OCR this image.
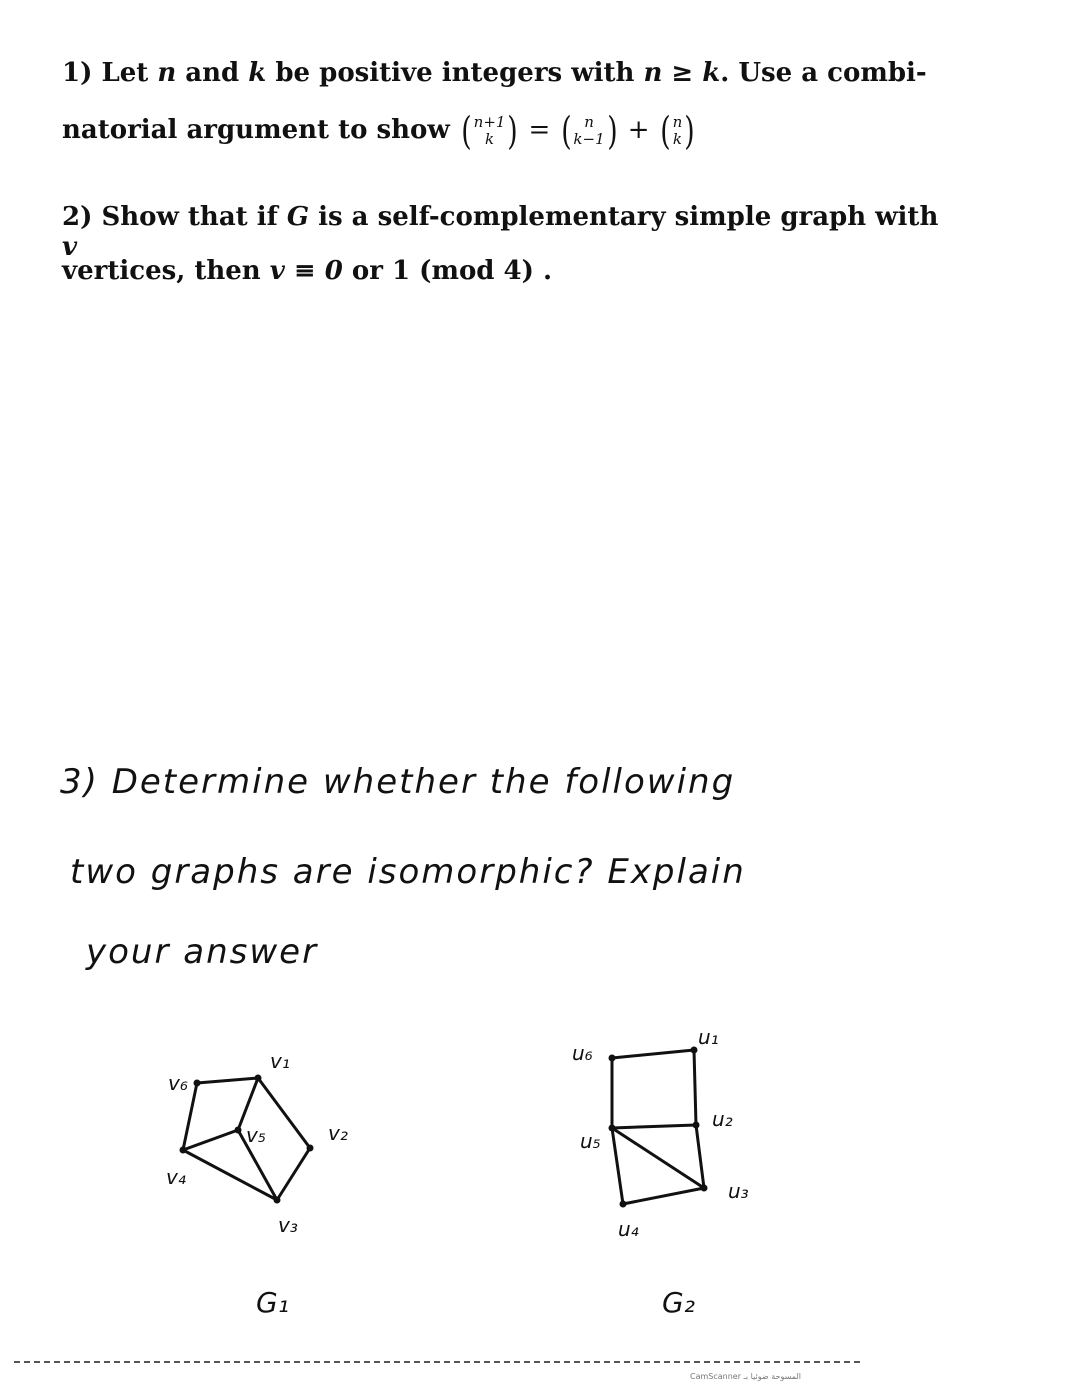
1) Let n and k be positive integers with n ≥ k. Use a combi-
natorial argument to show ( n+1
k ) = ( n
k−1 ) + ( n
k )
2) Show that if G is a self-complementary simple graph with v
vertices, then v ≡ 0 or 1 (mod 4) .
3) Determine whether the following
two graphs are isomorphic? Explain
your answer
v₁
v₂
v₃
v₄
v₅
v₆
G₁
u₁
u₂
u₃
u₄
u₅
u₆
G₂
CamScanner المسوحة ضوئيا بـ
